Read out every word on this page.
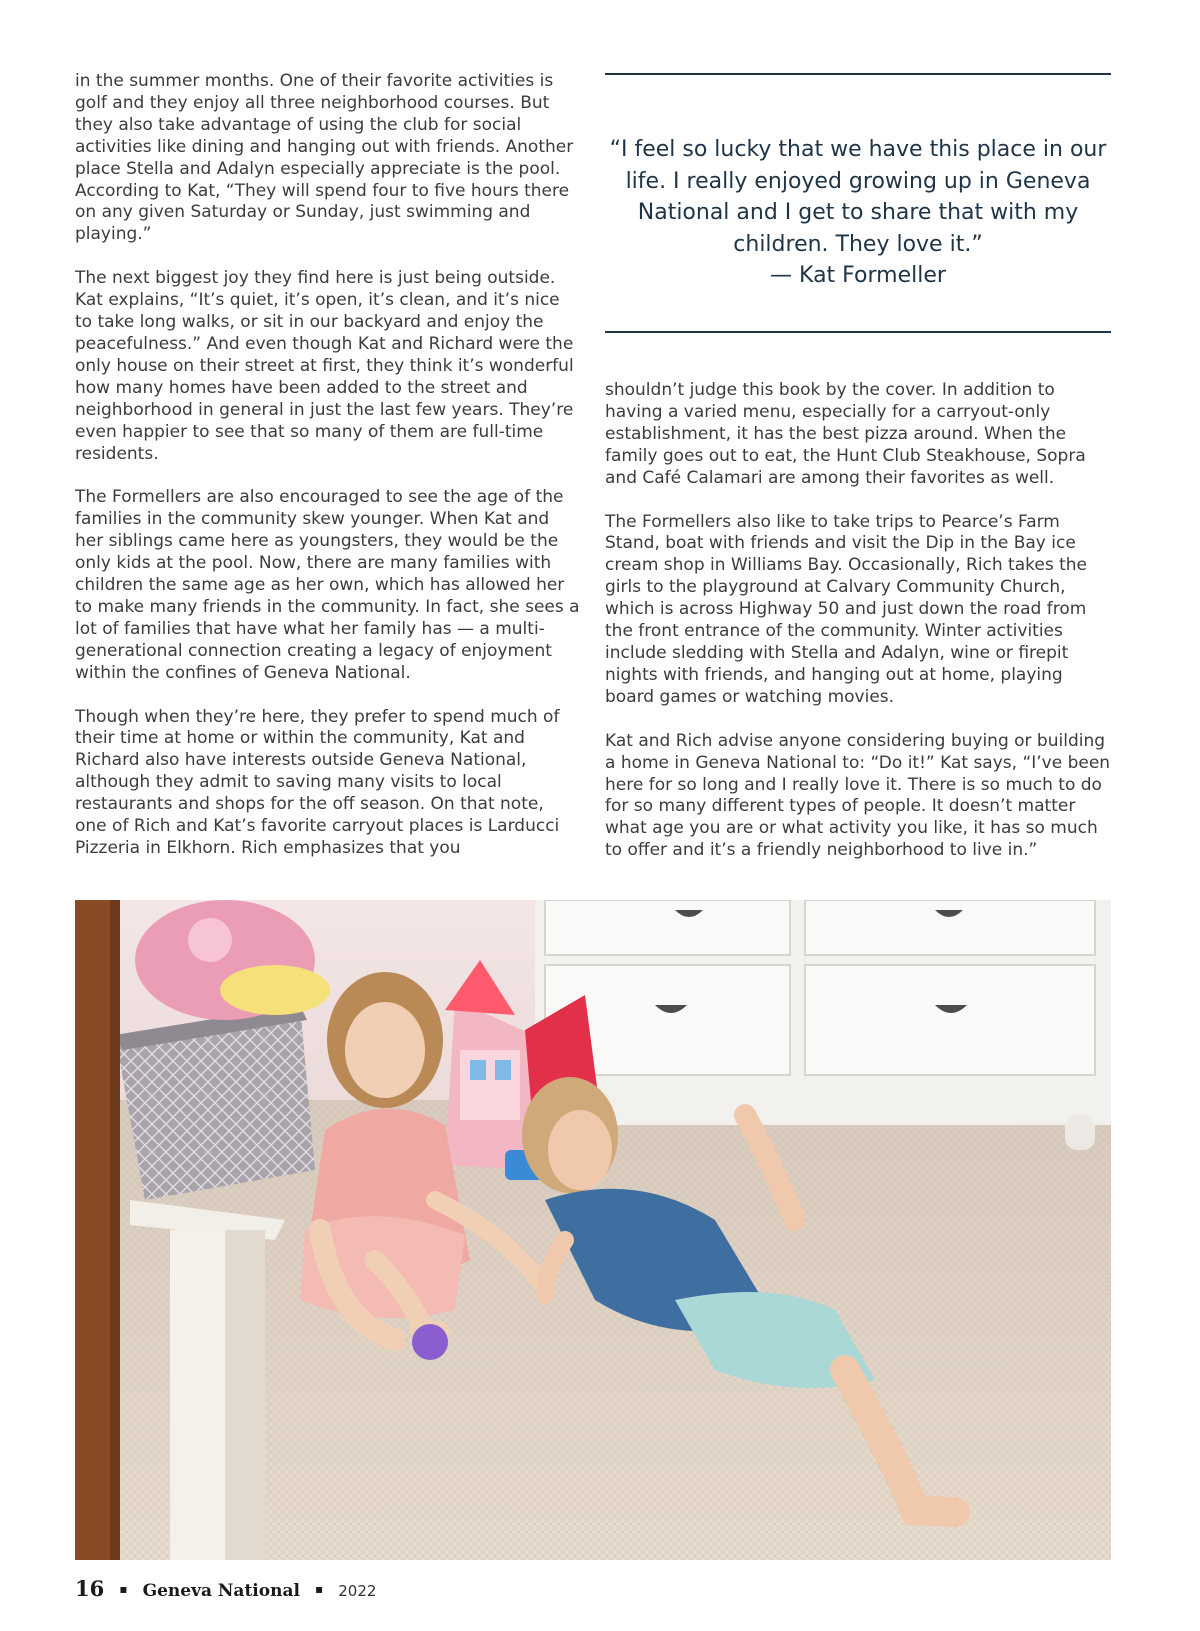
in the summer months. One of their favorite activities is golf and they enjoy all three neighborhood courses. But they also take advantage of using the club for social activities like dining and hanging out with friends. Another place Stella and Adalyn especially appreciate is the pool. According to Kat, “They will spend four to five hours there on any given Saturday or Sunday, just swimming and playing.”

The next biggest joy they find here is just being outside. Kat explains, “It’s quiet, it’s open, it’s clean, and it’s nice to take long walks, or sit in our backyard and enjoy the peacefulness.” And even though Kat and Richard were the only house on their street at first, they think it’s wonderful how many homes have been added to the street and neighborhood in general in just the last few years. They’re even happier to see that so many of them are full-time residents.

The Formellers are also encouraged to see the age of the families in the community skew younger. When Kat and her siblings came here as youngsters, they would be the only kids at the pool. Now, there are many families with children the same age as her own, which has allowed her to make many friends in the community. In fact, she sees a lot of families that have what her family has — a multi-generational connection creating a legacy of enjoyment within the confines of Geneva National.

Though when they’re here, they prefer to spend much of their time at home or within the community, Kat and Richard also have interests outside Geneva National, although they admit to saving many visits to local restaurants and shops for the off season. On that note, one of Rich and Kat’s favorite carryout places is Larducci Pizzeria in Elkhorn. Rich emphasizes that you

“I feel so lucky that we have this place in our life. I really enjoyed growing up in Geneva National and I get to share that with my children. They love it.”
— Kat Formeller

shouldn’t judge this book by the cover. In addition to having a varied menu, especially for a carryout-only establishment, it has the best pizza around. When the family goes out to eat, the Hunt Club Steakhouse, Sopra and Café Calamari are among their favorites as well.

The Formellers also like to take trips to Pearce’s Farm Stand, boat with friends and visit the Dip in the Bay ice cream shop in Williams Bay. Occasionally, Rich takes the girls to the playground at Calvary Community Church, which is across Highway 50 and just down the road from the front entrance of the community. Winter activities include sledding with Stella and Adalyn, wine or firepit nights with friends, and hanging out at home, playing board games or watching movies.

Kat and Rich advise anyone considering buying or building a home in Geneva National to: “Do it!” Kat says, “I’ve been here for so long and I really love it. There is so much to do for so many different types of people. It doesn’t matter what age you are or what activity you like, it has so much to offer and it’s a friendly neighborhood to live in.”

16 ▪ Geneva National ▪ 2022
